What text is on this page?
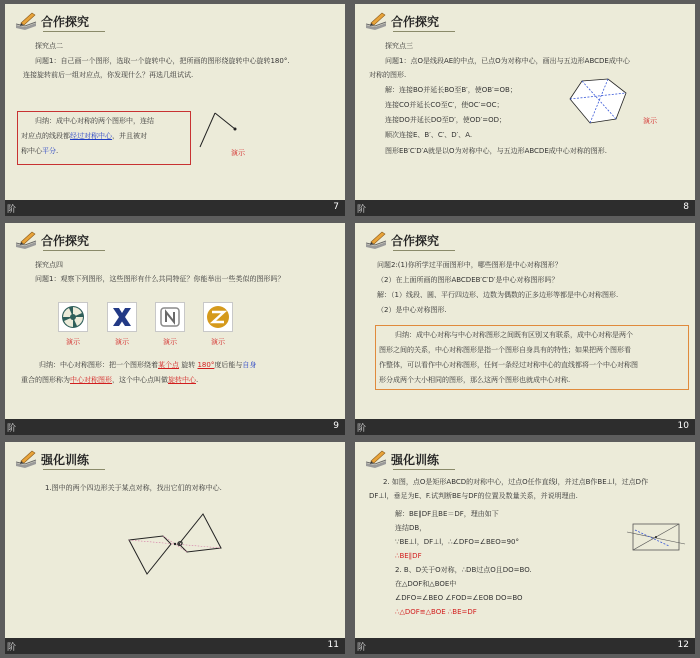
合作探究
探究点二
问题1：自己画一个图形，选取一个旋转中心，把所画的图形绕旋转中心旋转180°.
连接旋转前后一组对应点，你发现什么？再选几组试试.
归纳：成中心对称的两个图形中，连结
对应点的线段都经过对称中心，并且被对
称中心平分.	演示
阶	7
合作探究
探究点三
问题1：点O是线段AE的中点，已点O为对称中心，画出与五边形ABCDE成中心
对称的图形.
解：连接BO并延长BO至B′，使OB′=OB；
连接CO并延长CO至C′，使OC′=OC；
连接DO并延长DO至D′，使OD′=OD；
顺次连接E、B′、C′、D′、A.
图形EB′C′D′A就是以O为对称中心，与五边形ABCDE成中心对称的图形.
演示
阶	8
合作探究
探究点四
问题1：观察下列图形，这些图形有什么共同特征？你能举出一些类似的图形吗？
演示	演示	演示	演示
归纳：中心对称图形：把一个图形绕着某个点 旋转 180°度后能与自身
重合的图形称为中心对称图形，这个中心点叫做旋转中心.
阶	9
合作探究
问题2:(1)你所学过平面图形中，哪些图形是中心对称图形？
（2）在上面所画的图形ABCDEB′C′D′是中心对称图形吗？
解：（1）线段、圆、平行四边形、边数为偶数的正多边形等都是中心对称图形.
（2）是中心对称图形.
归纳：成中心对称与中心对称图形之间既有区别又有联系，成中心对称是两个
图形之间的关系，中心对称图形是指一个图形自身具有的特性；如果把两个图形看
作整体，可以看作中心对称图形，任何一条经过对称中心的直线都将一个中心对称图
形分成两个大小相同的图形，那么这两个图形也就成中心对称.
阶	10
强化训练
1.图中的两个四边形关于某点对称，找出它们的对称中心.
O
阶	11
强化训练
2. 如图，点O是矩形ABCD的对称中心，过点O任作直线l，并过点B作BE⊥l，过点D作
DF⊥l，垂足为E、F.试判断BE与DF的位置及数量关系，并说明理由.
解：BE∥DF且BE＝DF，理由如下
连结DB，
∵BE⊥l，DF⊥l，∴∠DFO=∠BEO=90°
∴BE∥DF
2. B、D关于O对称，∴DB过点O且DO=BO.
在△DOF和△BOE中
∠DFO=∠BEO ∠FOD=∠EOB DO=BO
∴△DOF≌△BOE ∴BE=DF
阶	12
